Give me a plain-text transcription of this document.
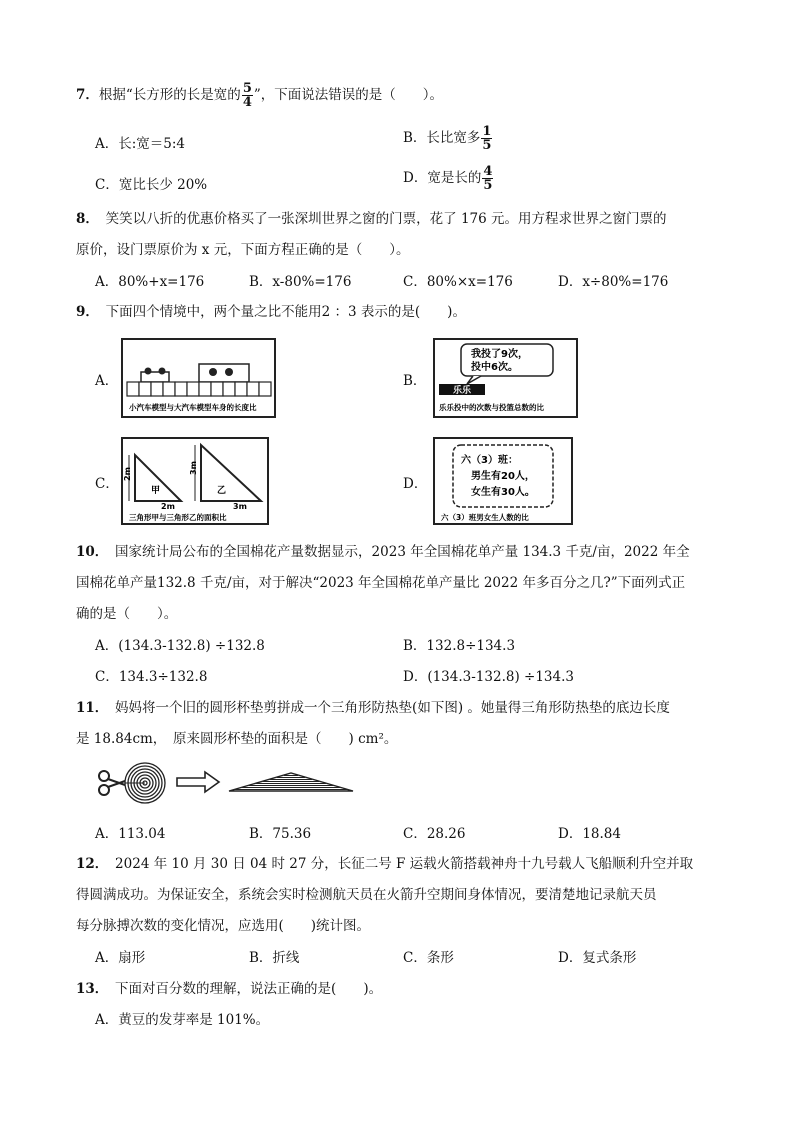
7．根据“长方形的长是宽的 $\frac{5}{4}$ ”，下面说法错误的是（　　）。
A．长:宽＝5:4	B．长比宽多 $\frac{1}{5}$
C．宽比长少 20%	D．宽是长的 $\frac{4}{5}$
8．　 笑笑以八折的优惠价格买了一张深圳世界之窗的门票，花了 176 元。用方程求世界之窗门票的
原价，设门票原价为 x 元，下面方程正确的是（　　）。
A．80%+x=176	B．x-80%=176	C．80%×x=176	D．x÷80%=176
9．　 下面四个情境中，两个量之比不能用2 ：3 表示的是(　　)。
A．
小汽车模型与大汽车模型车身的长度比
B．
我投了9次，
投中6次。
乐乐
乐乐投中的次数与投篮总数的比
C．
2m
甲
2m
3m
乙
3m
三角形甲与三角形乙的面积比
D．
六（3）班：
男生有20人，
女生有30人。
六（3）班男女生人数的比
10．　 国家统计局公布的全国棉花产量数据显示，2023 年全国棉花单产量 134.3 千克/亩，2022 年全
国棉花单产量132.8 千克/亩，对于解决“2023 年全国棉花单产量比 2022 年多百分之几?”下面列式正
确的是（　　）。
A．(134.3-132.8) ÷132.8	B．132.8÷134.3
C．134.3÷132.8	D．(134.3-132.8) ÷134.3
11．　 妈妈将一个旧的圆形杯垫剪拼成一个三角形防热垫(如下图) 。她量得三角形防热垫的底边长度
是 18.84cm，　原来圆形杯垫的面积是（　　) cm²。
A．113.04	B．75.36	C．28.26	D．18.84
12．　 2024 年 10 月 30 日 04 时 27 分，长征二号 F 运载火箭搭载神舟十九号载人飞船顺利升空并取
得圆满成功。为保证安全，系统会实时检测航天员在火箭升空期间身体情况，要清楚地记录航天员
每分脉搏次数的变化情况，应选用(　　)统计图。
A．扇形	B．折线	C．条形	D．复式条形
13．　 下面对百分数的理解，说法正确的是(　　)。
A．黄豆的发芽率是 101%。
